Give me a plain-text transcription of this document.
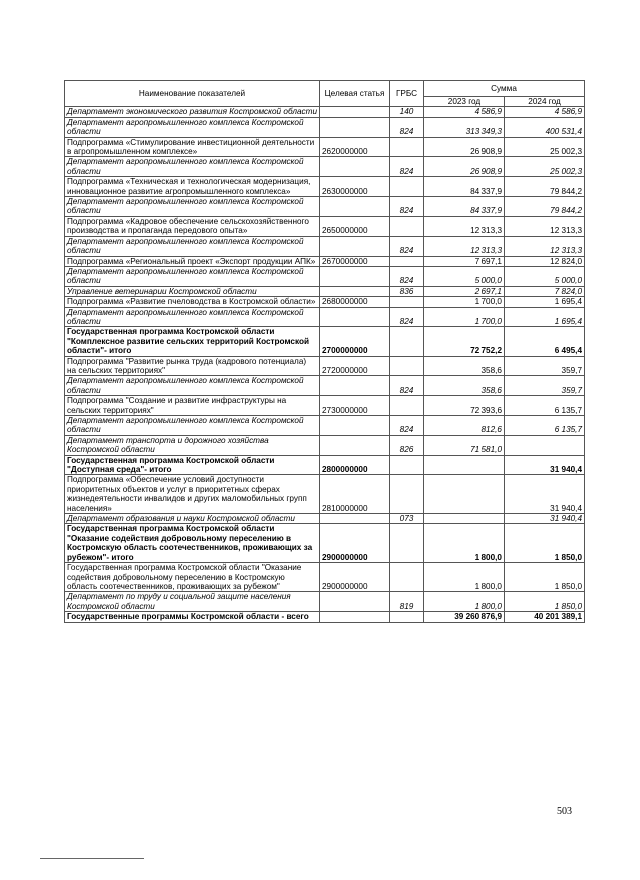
Наименование показателей	Целевая статья	ГРБС	Сумма	
			2023 год	2024 год
Департамент экономического развития Костромской области		140	4 586,9	4 586,9
Департамент агропромышленного комплекса Костромской области		824	313 349,3	400 531,4
Подпрограмма «Стимулирование инвестиционной деятельности в агропромышленном комплексе»	2620000000		26 908,9	25 002,3
Департамент агропромышленного комплекса Костромской области		824	26 908,9	25 002,3
Подпрограмма «Техническая и технологическая модернизация, инновационное развитие агропромышленного комплекса»	2630000000		84 337,9	79 844,2
Департамент агропромышленного комплекса Костромской области		824	84 337,9	79 844,2
Подпрограмма «Кадровое обеспечение сельскохозяйственного производства и пропаганда передового опыта»	2650000000		12 313,3	12 313,3
Департамент агропромышленного комплекса Костромской области		824	12 313,3	12 313,3
Подпрограмма «Региональный проект «Экспорт продукции АПК»	2670000000		7 697,1	12 824,0
Департамент агропромышленного комплекса Костромской области		824	5 000,0	5 000,0
Управление ветеринарии Костромской области		836	2 697,1	7 824,0
Подпрограмма «Развитие пчеловодства в Костромской области»	2680000000		1 700,0	1 695,4
Департамент агропромышленного комплекса Костромской области		824	1 700,0	1 695,4
Государственная программа Костромской области "Комплексное развитие сельских территорий Костромской области"- итого	2700000000		72 752,2	6 495,4
Подпрограмма "Развитие рынка труда (кадрового потенциала) на сельских территориях"	2720000000		358,6	359,7
Департамент агропромышленного комплекса Костромской области		824	358,6	359,7
Подпрограмма "Создание и развитие инфраструктуры на сельских территориях"	2730000000		72 393,6	6 135,7
Департамент агропромышленного комплекса Костромской области		824	812,6	6 135,7
Департамент транспорта и дорожного хозяйства Костромской области		826	71 581,0	
Государственная программа Костромской области "Доступная среда"- итого	2800000000			31 940,4
Подпрограмма «Обеспечение условий доступности приоритетных объектов и услуг в приоритетных сферах жизнедеятельности инвалидов и других маломобильных групп населения»	2810000000			31 940,4
Департамент образования и науки Костромской области		073		31 940,4
Государственная программа Костромской области "Оказание содействия добровольному переселению в Костромскую область соотечественников, проживающих за рубежом"- итого	2900000000		1 800,0	1 850,0
Государственная программа Костромской области "Оказание содействия добровольному переселению в Костромскую область соотечественников, проживающих за рубежом"	2900000000		1 800,0	1 850,0
Департамент по труду и социальной защите населения Костромской области		819	1 800,0	1 850,0
Государственные программы Костромской области - всего			39 260 876,9	40 201 389,1
503
